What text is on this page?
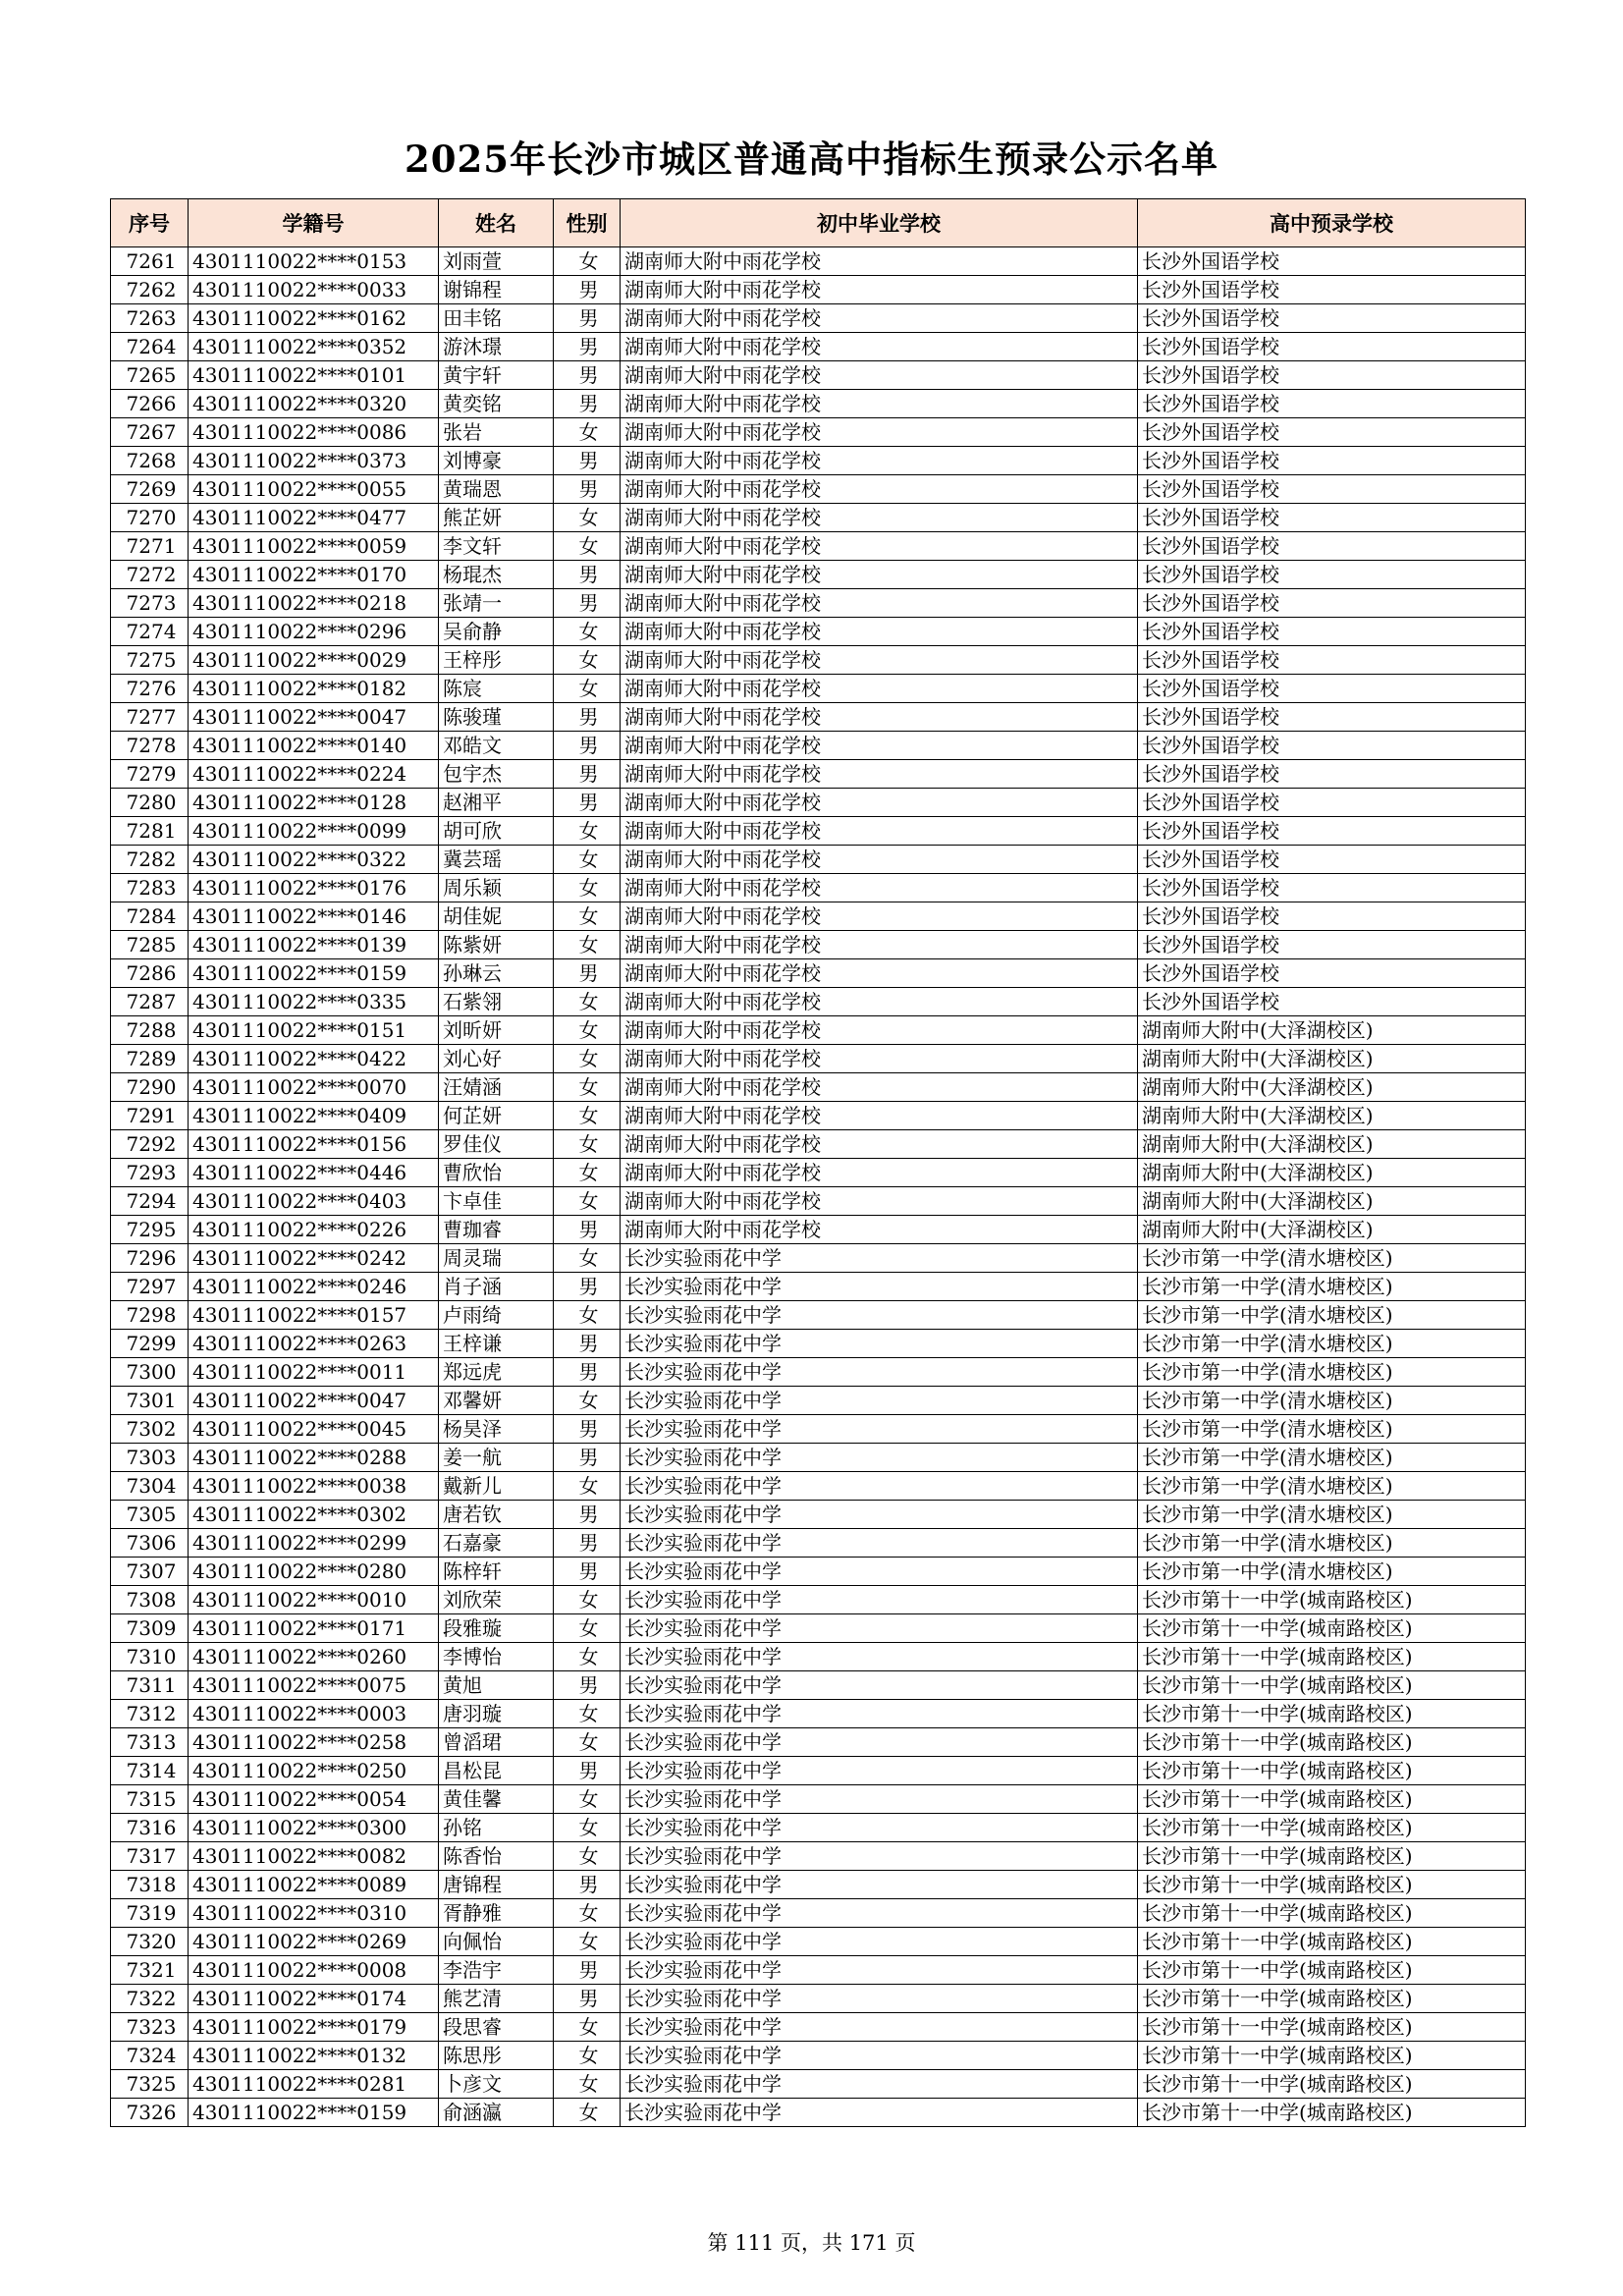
2025年长沙市城区普通高中指标生预录公示名单
序号	学籍号	姓名	性别	初中毕业学校	高中预录学校
7261	4301110022****0153	刘雨萱	女	湖南师大附中雨花学校	长沙外国语学校
7262	4301110022****0033	谢锦程	男	湖南师大附中雨花学校	长沙外国语学校
7263	4301110022****0162	田丰铭	男	湖南师大附中雨花学校	长沙外国语学校
7264	4301110022****0352	游沐璟	男	湖南师大附中雨花学校	长沙外国语学校
7265	4301110022****0101	黄宇轩	男	湖南师大附中雨花学校	长沙外国语学校
7266	4301110022****0320	黄奕铭	男	湖南师大附中雨花学校	长沙外国语学校
7267	4301110022****0086	张岩	女	湖南师大附中雨花学校	长沙外国语学校
7268	4301110022****0373	刘博豪	男	湖南师大附中雨花学校	长沙外国语学校
7269	4301110022****0055	黄瑞恩	男	湖南师大附中雨花学校	长沙外国语学校
7270	4301110022****0477	熊芷妍	女	湖南师大附中雨花学校	长沙外国语学校
7271	4301110022****0059	李文轩	女	湖南师大附中雨花学校	长沙外国语学校
7272	4301110022****0170	杨琨杰	男	湖南师大附中雨花学校	长沙外国语学校
7273	4301110022****0218	张靖一	男	湖南师大附中雨花学校	长沙外国语学校
7274	4301110022****0296	吴俞静	女	湖南师大附中雨花学校	长沙外国语学校
7275	4301110022****0029	王梓彤	女	湖南师大附中雨花学校	长沙外国语学校
7276	4301110022****0182	陈宸	女	湖南师大附中雨花学校	长沙外国语学校
7277	4301110022****0047	陈骏瑾	男	湖南师大附中雨花学校	长沙外国语学校
7278	4301110022****0140	邓皓文	男	湖南师大附中雨花学校	长沙外国语学校
7279	4301110022****0224	包宇杰	男	湖南师大附中雨花学校	长沙外国语学校
7280	4301110022****0128	赵湘平	男	湖南师大附中雨花学校	长沙外国语学校
7281	4301110022****0099	胡可欣	女	湖南师大附中雨花学校	长沙外国语学校
7282	4301110022****0322	冀芸瑶	女	湖南师大附中雨花学校	长沙外国语学校
7283	4301110022****0176	周乐颖	女	湖南师大附中雨花学校	长沙外国语学校
7284	4301110022****0146	胡佳妮	女	湖南师大附中雨花学校	长沙外国语学校
7285	4301110022****0139	陈紫妍	女	湖南师大附中雨花学校	长沙外国语学校
7286	4301110022****0159	孙琳云	男	湖南师大附中雨花学校	长沙外国语学校
7287	4301110022****0335	石紫翎	女	湖南师大附中雨花学校	长沙外国语学校
7288	4301110022****0151	刘昕妍	女	湖南师大附中雨花学校	湖南师大附中(大泽湖校区)
7289	4301110022****0422	刘心好	女	湖南师大附中雨花学校	湖南师大附中(大泽湖校区)
7290	4301110022****0070	汪婧涵	女	湖南师大附中雨花学校	湖南师大附中(大泽湖校区)
7291	4301110022****0409	何芷妍	女	湖南师大附中雨花学校	湖南师大附中(大泽湖校区)
7292	4301110022****0156	罗佳仪	女	湖南师大附中雨花学校	湖南师大附中(大泽湖校区)
7293	4301110022****0446	曹欣怡	女	湖南师大附中雨花学校	湖南师大附中(大泽湖校区)
7294	4301110022****0403	卞卓佳	女	湖南师大附中雨花学校	湖南师大附中(大泽湖校区)
7295	4301110022****0226	曹珈睿	男	湖南师大附中雨花学校	湖南师大附中(大泽湖校区)
7296	4301110022****0242	周灵瑞	女	长沙实验雨花中学	长沙市第一中学(清水塘校区)
7297	4301110022****0246	肖子涵	男	长沙实验雨花中学	长沙市第一中学(清水塘校区)
7298	4301110022****0157	卢雨绮	女	长沙实验雨花中学	长沙市第一中学(清水塘校区)
7299	4301110022****0263	王梓谦	男	长沙实验雨花中学	长沙市第一中学(清水塘校区)
7300	4301110022****0011	郑远虎	男	长沙实验雨花中学	长沙市第一中学(清水塘校区)
7301	4301110022****0047	邓馨妍	女	长沙实验雨花中学	长沙市第一中学(清水塘校区)
7302	4301110022****0045	杨昊泽	男	长沙实验雨花中学	长沙市第一中学(清水塘校区)
7303	4301110022****0288	姜一航	男	长沙实验雨花中学	长沙市第一中学(清水塘校区)
7304	4301110022****0038	戴新儿	女	长沙实验雨花中学	长沙市第一中学(清水塘校区)
7305	4301110022****0302	唐若钦	男	长沙实验雨花中学	长沙市第一中学(清水塘校区)
7306	4301110022****0299	石嘉豪	男	长沙实验雨花中学	长沙市第一中学(清水塘校区)
7307	4301110022****0280	陈梓轩	男	长沙实验雨花中学	长沙市第一中学(清水塘校区)
7308	4301110022****0010	刘欣荣	女	长沙实验雨花中学	长沙市第十一中学(城南路校区)
7309	4301110022****0171	段雅璇	女	长沙实验雨花中学	长沙市第十一中学(城南路校区)
7310	4301110022****0260	李博怡	女	长沙实验雨花中学	长沙市第十一中学(城南路校区)
7311	4301110022****0075	黄旭	男	长沙实验雨花中学	长沙市第十一中学(城南路校区)
7312	4301110022****0003	唐羽璇	女	长沙实验雨花中学	长沙市第十一中学(城南路校区)
7313	4301110022****0258	曾滔珺	女	长沙实验雨花中学	长沙市第十一中学(城南路校区)
7314	4301110022****0250	昌松昆	男	长沙实验雨花中学	长沙市第十一中学(城南路校区)
7315	4301110022****0054	黄佳馨	女	长沙实验雨花中学	长沙市第十一中学(城南路校区)
7316	4301110022****0300	孙铭	女	长沙实验雨花中学	长沙市第十一中学(城南路校区)
7317	4301110022****0082	陈香怡	女	长沙实验雨花中学	长沙市第十一中学(城南路校区)
7318	4301110022****0089	唐锦程	男	长沙实验雨花中学	长沙市第十一中学(城南路校区)
7319	4301110022****0310	胥静雅	女	长沙实验雨花中学	长沙市第十一中学(城南路校区)
7320	4301110022****0269	向佩怡	女	长沙实验雨花中学	长沙市第十一中学(城南路校区)
7321	4301110022****0008	李浩宇	男	长沙实验雨花中学	长沙市第十一中学(城南路校区)
7322	4301110022****0174	熊艺清	男	长沙实验雨花中学	长沙市第十一中学(城南路校区)
7323	4301110022****0179	段思睿	女	长沙实验雨花中学	长沙市第十一中学(城南路校区)
7324	4301110022****0132	陈思彤	女	长沙实验雨花中学	长沙市第十一中学(城南路校区)
7325	4301110022****0281	卜彦文	女	长沙实验雨花中学	长沙市第十一中学(城南路校区)
7326	4301110022****0159	俞涵瀛	女	长沙实验雨花中学	长沙市第十一中学(城南路校区)
第 111 页，共 171 页
